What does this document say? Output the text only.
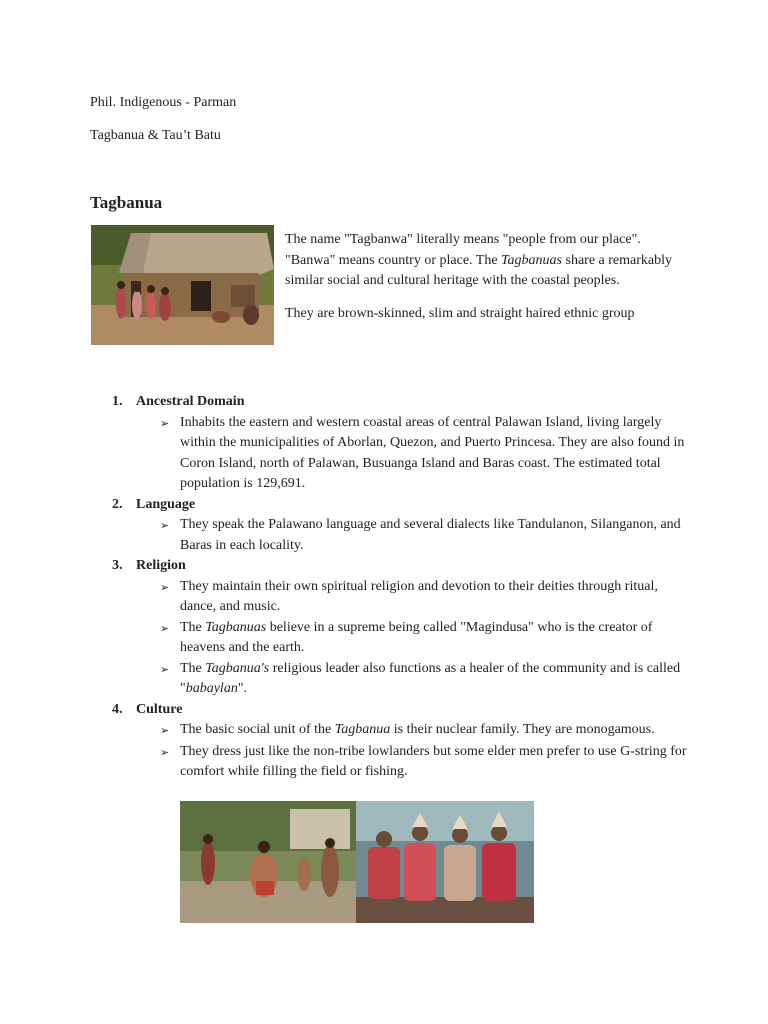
Phil. Indigenous - Parman
Tagbanua & Tau’t Batu
Tagbanua

The name "Tagbanwa" literally means "people from our place". "Banwa" means country or place. The Tagbanuas share a remarkably similar social and cultural heritage with the coastal peoples.

They are brown-skinned, slim and straight haired ethnic group

1. Ancestral Domain
➢ Inhabits the eastern and western coastal areas of central Palawan Island, living largely within the municipalities of Aborlan, Quezon, and Puerto Princesa. They are also found in Coron Island, north of Palawan, Busuanga Island and Baras coast. The estimated total population is 129,691.
2. Language
➢ They speak the Palawano language and several dialects like Tandulanon, Silanganon, and Baras in each locality.
3. Religion
➢ They maintain their own spiritual religion and devotion to their deities through ritual, dance, and music.
➢ The Tagbanuas believe in a supreme being called "Magindusa" who is the creator of heavens and the earth.
➢ The Tagbanua's religious leader also functions as a healer of the community and is called "babaylan".
4. Culture
➢ The basic social unit of the Tagbanua is their nuclear family. They are monogamous.
➢ They dress just like the non-tribe lowlanders but some elder men prefer to use G-string for comfort while filling the field or fishing.
